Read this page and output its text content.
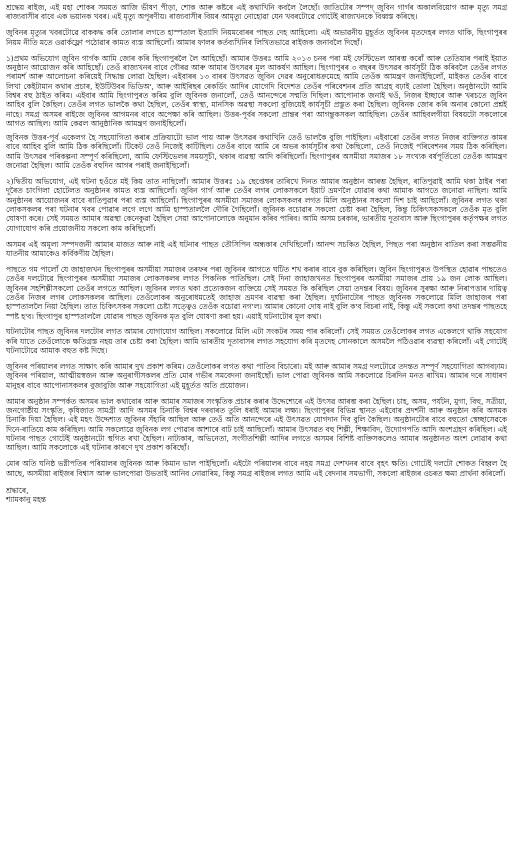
শ্ৰদ্ধেয় ৰাইজ, এই মহা শোকৰ সময়ত আজি ভীষণ পীড়া, শোক আৰু কষ্টৰে এই কথাখিনি কবলৈ লৈছোঁ। জাতিটোৰ সম্পদ্ জুবিন গাৰ্গৰ অকালবিয়োগ আৰু মৃত্যু সমগ্ৰ ৰাজ্যবাসীৰ বাবে এক ভয়ানক খবৰ। এই মৃত্যু অপূৰণীয়। ৰাজ্যবাসীৰ বিয়ৰ আমৃত্যু নোহোৱা যেন খবৰটোৱে গোটেই ৰাজ্যখনকে বিধ্বস্ত কৰিছে।

জুবিনৰ মৃত্যুৰ খবৰটোৱে বাককদ্ধ কৰি তোলাৰ লগতে হাস্পতাল ইত্যাদি নিয়মবোৰৰ পাছত দেহ আহিলো। এই অভাৱনীয় মুহূৰ্তত জুবিনৰ মৃতদেহৰ লগত থাকি, ছিংগাপুৰৰ নিয়ম নীতি মতে ওৱাৰ্কফ্লো পঠোৱাৰ কামত ব্যস্ত আছিলোঁ। আমাৰ ফালৰ কৰ্তব্যখিনিৰ লিখিতভাৱে ৰাইজক জনাবলৈ দিছোঁ।

১)প্ৰথম অভিযোগ জুবিন গাৰ্গক আমি জোৰ কৰি ছিংগাপুৰলৈ লৈ আহিছোঁ। আমাৰ উত্তৰঃ আমি ২০১৩ চনৰ পৰা মই ফেস্টিভেল আৰম্ভ কৰোঁ আৰু তেতিয়াৰ পৰাই ইয়াত অনুষ্ঠান আয়োজন কৰি আহিছোঁ। তেওঁ ৰাজ্যখনৰ বাবে গৌৰৱ আৰু আমাৰ উৎসৱৰ মূল আকৰ্ষণ আছিল। ছিংগাপুৰৰ ৩ বছৰৰ উৎসৱৰ কাৰ্যসূচী ঠিক কৰিবলৈ তেওঁৰ লগত পৰামৰ্শ আৰু আলোচনা কৰিয়েই সিদ্ধান্ত লোৱা হৈছিল। এইবাৰৰ ১৩ বাৰৰ উৎসৱত জুবিন দেৱৰ অনুৰোধক্ৰমেহে আমি তেওঁক আমন্ত্ৰণ জনাইছিলোঁ, মাইকত তেওঁৰ বাবে লিখা কেইটামান কথাৰ প্ৰচাৰ, ইউটিউবৰ ভিডিঅ', আৰু আইৰিছৰ ৰেকৰ্ডিং আদিৰ যোগেদি বিদেশত তেওঁৰ পৰিবেশনৰ প্ৰতি আগ্ৰহ বঢ়াই তোলা হৈছিল। অনুষ্ঠানটো আমি বিশ্বৰ বহু ঠাইত কৰিম। এইবাৰ আমি ছিংগাপুৰত কৰিম বুলি জুবিনক জনালোঁ, তেওঁ আনন্দেৰে সন্মতি দিছিল। আপোনাক জনাই থওঁ, নিজৰ ইচ্ছাৰে আৰু খৰচতে জুবিন আহিব বুলি কৈছিল। তেওঁৰ লগত ভালকৈ কথা হৈছিল, তেওঁৰ স্বাস্থ্য, মানসিক অৱস্থা সকলো বুজিয়েই কাৰ্যসূচী প্ৰস্তুত কৰা হৈছিল। জুবিনক জোৰ কৰি অনাৰ কোনো প্ৰশ্নই নাহে। সমগ্ৰ অসমৰ ৰাইজে জুবিনৰ আগমনৰ বাবে অপেক্ষা কৰি আছিল। উত্তৰ-পূৰ্বৰ সকলো প্ৰান্তৰ পৰা আগন্তুকসকল আহিছিল। তেওঁৰ আহিবলগীয়া বিষয়টো সকলোৰে আগত আছিল। আমি কেৱল আনুষ্ঠানিক আমন্ত্ৰণ জনাইছিলোঁ।

জুবিনক উত্তৰ-পূৰ্ব একেলগ হৈ সহযোগিতা কৰাৰ প্ৰক্ৰিয়াটো ভাল পায় আৰু উৎসৱৰ কথাখিনি তেওঁ ভালকৈ বুজি পাইছিল। এইবাৰো তেওঁৰ লগত নিজৰ ব্যক্তিগত কামৰ বাবে আহিব বুলি আমি ঠিক কৰিছিলোঁ। টিকেট তেওঁ নিজেই কাটিছিল। তেওঁৰ বাবে আমি ৰে অভৰ কাৰ্যসূচীৰ কথা কৈছিলো, তেওঁ নিজেই পৰিবেশনৰ সময় ঠিক কৰিছিল। আমি উৎসৱৰ পৰিকল্পনা সম্পূৰ্ণ কৰিছিলো, আমি ফেস্টিভেলৰ সময়সূচী, থকাৰ ব্যৱস্থা আদি কৰিছিলোঁ। ছিংগাপুৰৰ অসমীয়া সমাজৰ ১৮ সংখ্যক বৰ্ষপূৰ্তিতো তেওঁক আমন্ত্ৰণ জনোৱা হৈছিল। আমি তেওঁক বহুদিন আগৰ পৰাই জনাইছিলোঁ।

২)দ্বিতীয় অভিযোগ, এই ঘটনা হওঁতে মই কিয় তাত নাছিলোঁ। আমাৰ উত্তৰঃ ১৯ ছেপ্তেম্বৰ তাৰিখে দিনত আমাৰ অনুষ্ঠান আৰম্ভ হৈছিল, ৰাতিপুৱাই আমি থকা ঠাইৰ পৰা দূৰৈত চাংগিলা হোটেলত অনুষ্ঠানৰ কামত ব্যস্ত আছিলোঁ। জুবিন গাৰ্গ আৰু তেওঁৰ লগৰ লোকসকলে ইয়াট ভ্ৰমণলৈ যোৱাৰ কথা আমাক আগতে জনোৱা নাছিল। আমি অনুষ্ঠানৰ আয়োজনৰ বাবে ৰাতিপুৱাৰ পৰা ব্যস্ত আছিলোঁ। ছিংগাপুৰৰ অসমীয়া সমাজৰ লোকসকলৰ লগত মিলি অনুষ্ঠানৰ সকলো দিশ চাই আছিলোঁ। জুবিনৰ লগত থকা লোকসকলৰ পৰা ঘটনাৰ খবৰ পোৱাৰ লগে লগে আমি হাস্পতাললৈ দৌৰি গৈছিলোঁ। জুবিনক বচোৱাৰ সকলো চেষ্টা কৰা হৈছিল, কিন্তু চিকিৎসকসকলে তেওঁক মৃত বুলি ঘোষণা কৰে। সেই সময়ত আমাৰ অৱস্থা কেনেকুৱা হৈছিল সেয়া আপোনালোকে অনুমান কৰিব পাৰিব। আমি অসম চৰকাৰ, ভাৰতীয় দূতাবাস আৰু ছিংগাপুৰৰ কৰ্তৃপক্ষৰ লগত যোগাযোগ কৰি প্ৰয়োজনীয় সকলো কাম কৰিছিলোঁ।

অসমৰ এই অমূল্য সম্পদজনী আমাৰ মাজত আৰু নাই এই ঘটনাৰ পাছত তৌসিপিন অন্ধকাৰ দেখিছিলোঁ। আনন্দ সচকিত হৈছিল, পিছত পৰা অনুষ্ঠান বাতিল কৰা সম্ভৱনীয় যাতনীয় আমাকেও কৰ্বিকণীয় হৈছিল।

পাছতে গম পালোঁ যে জাহাজখন ছিংগাপুৰৰ অসমীয়া সমাজৰ তৰফৰ পৰা জুবিনৰ আগতে ঘটিত শখ কৰাৰ বাবে বুক কৰিছিল। জুবিন ছিংগাপুৰত উপস্থিত হোৱাৰ পাছতেও তেওঁৰ দলটোৱে ছিংগাপুৰৰ অসমীয়া সমাজৰ লোকসকলৰ লগত পিকনিক পাতিছিল। সেই দিনা জাহাজখনত ছিংগাপুৰৰ অসমীয়া সমাজৰ প্ৰায় ১৯ জন লোক আছিল। জুবিনৰ সহশিল্পীসকলো তেওঁৰ লগতে আছিল। জুবিনৰ লগত থকা প্ৰত্যেকজন ব্যক্তিয়ে সেই সময়ত কি কৰিছিল সেয়া তদন্তৰ বিষয়। জুবিনৰ সুৰক্ষা আৰু নিৰাপত্তাৰ দায়িত্ব তেওঁৰ নিজৰ লগৰ লোকসকলৰ আছিল। তেওঁলোকৰ অনুৰোধমতেই জাহাজ ভ্ৰমণৰ ব্যৱস্থা কৰা হৈছিল। দুৰ্ঘটনাটোৰ পাছত জুবিনক সকলোৱে মিলি জাহাজৰ পৰা হাস্পতাললৈ নিয়া হৈছিল। তাত চিকিৎসকৰ সকলো চেষ্টা সত্ত্বেও তেওঁক বচোৱা নগ'ল। আমাৰ কোনো দোষ নাই বুলি ক'ব বিচৰা নাই, কিন্তু এই সকলো কথা তদন্তৰ পাছতহে স্পষ্ট হ'ব। ছিংগাপুৰ হাস্পতাললৈ যোৱাৰ পাছত জুবিনক মৃত বুলি ঘোষণা কৰা হয়। এয়াই ঘটনাটোৰ মূল কথা।

ঘটনাটোৰ পাছত জুবিনৰ দলটোৰ লগত আমাৰ যোগাযোগ আছিল। সকলোৱে মিলি এটা সংকটৰ সময় পাৰ কৰিলোঁ। সেই সময়ত তেওঁলোকৰ লগত একেলগে থাকি সহযোগ কৰি যাতে তেওঁলোকে ক্ষতিগ্ৰস্ত নহয় তাৰ চেষ্টা কৰা হৈছিল। আমি ভাৰতীয় দূতাবাসৰ লগত সহযোগ কৰি মৃতদেহ সোনকালে অসমলৈ পঠিওৱাৰ ব্যৱস্থা কৰিলোঁ। এই গোটেই ঘটনাটোৱে আমাক বহুত কষ্ট দিছে।

জুবিনৰ পৰিয়ালৰ লগত সাক্ষাৎ কৰি আমাৰ দুখ প্ৰকাশ কৰিম। তেওঁলোকৰ লগত কথা পাতিব বিচাৰো। মই আৰু আমাৰ সমগ্ৰ দলটোৱে তদন্তত সম্পূৰ্ণ সহযোগিতা আগবঢ়াম। জুবিনৰ পৰিয়াল, আত্মীয়স্বজন আৰু অনুৰাগীসকলৰ প্ৰতি মোৰ গভীৰ সমবেদনা জনাইছোঁ। ভাল পোৱা জুবিনক আমি সকলোৱে চিৰদিন মনত ৰাখিম। আমাৰ দৰে সাধাৰণ মানুহৰ বাবে আপোনাসকলৰ বুজাবুজি আৰু সহযোগিতা এই মুহূৰ্তত অতি প্ৰয়োজন।

আমাৰ অনুষ্ঠান সম্পৰ্কত অসমৰ ভাল কথাবোৰ আৰু আমাৰ সমাজৰ সংস্কৃতিক প্ৰচাৰ কৰাৰ উদ্দেশ্যেৰে এই উৎসৱ আৰম্ভ কৰা হৈছিল। চাহ, অসম, পৰ্যটন, মুগা, বিহু, সত্ৰীয়া, জনগোষ্ঠীয় সংস্কৃতি, কৃষিজাত সামগ্ৰী আদি অসমৰ চিনাকি বিশ্বৰ দৰবাৰত তুলি ধৰাই আমাৰ লক্ষ্য। ছিংগাপুৰৰ বিভিন্ন স্থানত এইবোৰ প্ৰদৰ্শনী আৰু অনুষ্ঠান কৰি অসমক চিনাকি দিয়া হৈছিল। এই মহৎ উদ্দেশ্যত জুবিনৰ সঁহাৰি আছিল আৰু তেওঁ অতি আনন্দেৰে এই উৎসৱত যোগদান দিব বুলি কৈছিল। অনুষ্ঠানটোৰ বাবে বহুতো স্বেচ্ছাসেৱকে দিনে-ৰাতিয়ে কাম কৰিছিল। আমি সকলোৱে জুবিনক লগ পোৱাৰ আশাৰে বাট চাই আছিলোঁ। আমাৰ উৎসৱত বহু শিল্পী, শিক্ষাবিদ, উদ্যোগপতি আদি অংশগ্ৰহণ কৰিছিল। এই ঘটনাৰ পাছত গোটেই অনুষ্ঠানটো স্থগিত ৰখা হৈছিল। নাট্যকাৰ, অভিনেতা, সংগীতশিল্পী আদিৰ লগতে অসমৰ বিশিষ্ট ব্যক্তিসকলেও আমাৰ অনুষ্ঠানত অংশ লোৱাৰ কথা আছিল। আমি সকলোকে এই ঘটনাৰ কাৰণে দুখ প্ৰকাশ কৰিছোঁ।

মোৰ অতি ঘনিষ্ঠ ভগ্নীপতিৰ পৰিয়ালৰ জুবিনক আৰু কিমান ভাল পাইছিলোঁ। এইটো পৰিয়ালৰ বাবে নহয় সমগ্ৰ দেশখনৰ বাবে বৃহৎ ক্ষতি। গোটেই দলটো শোকত বিহ্বল হৈ আছে, অসমীয়া ৰাইজৰ বিশ্বাস আৰু ভালপোৱা উভতাই আনিব নোৱাৰিম, কিন্তু সমগ্ৰ ৰাইজৰ লগত আমি এই বেদনাৰ সমভাগী, সকলো ৰাইজৰ ওচৰত ক্ষমা প্ৰাৰ্থনা কৰিলোঁ।

শ্ৰদ্ধাৰে,

শ্যামকানু মহন্ত
